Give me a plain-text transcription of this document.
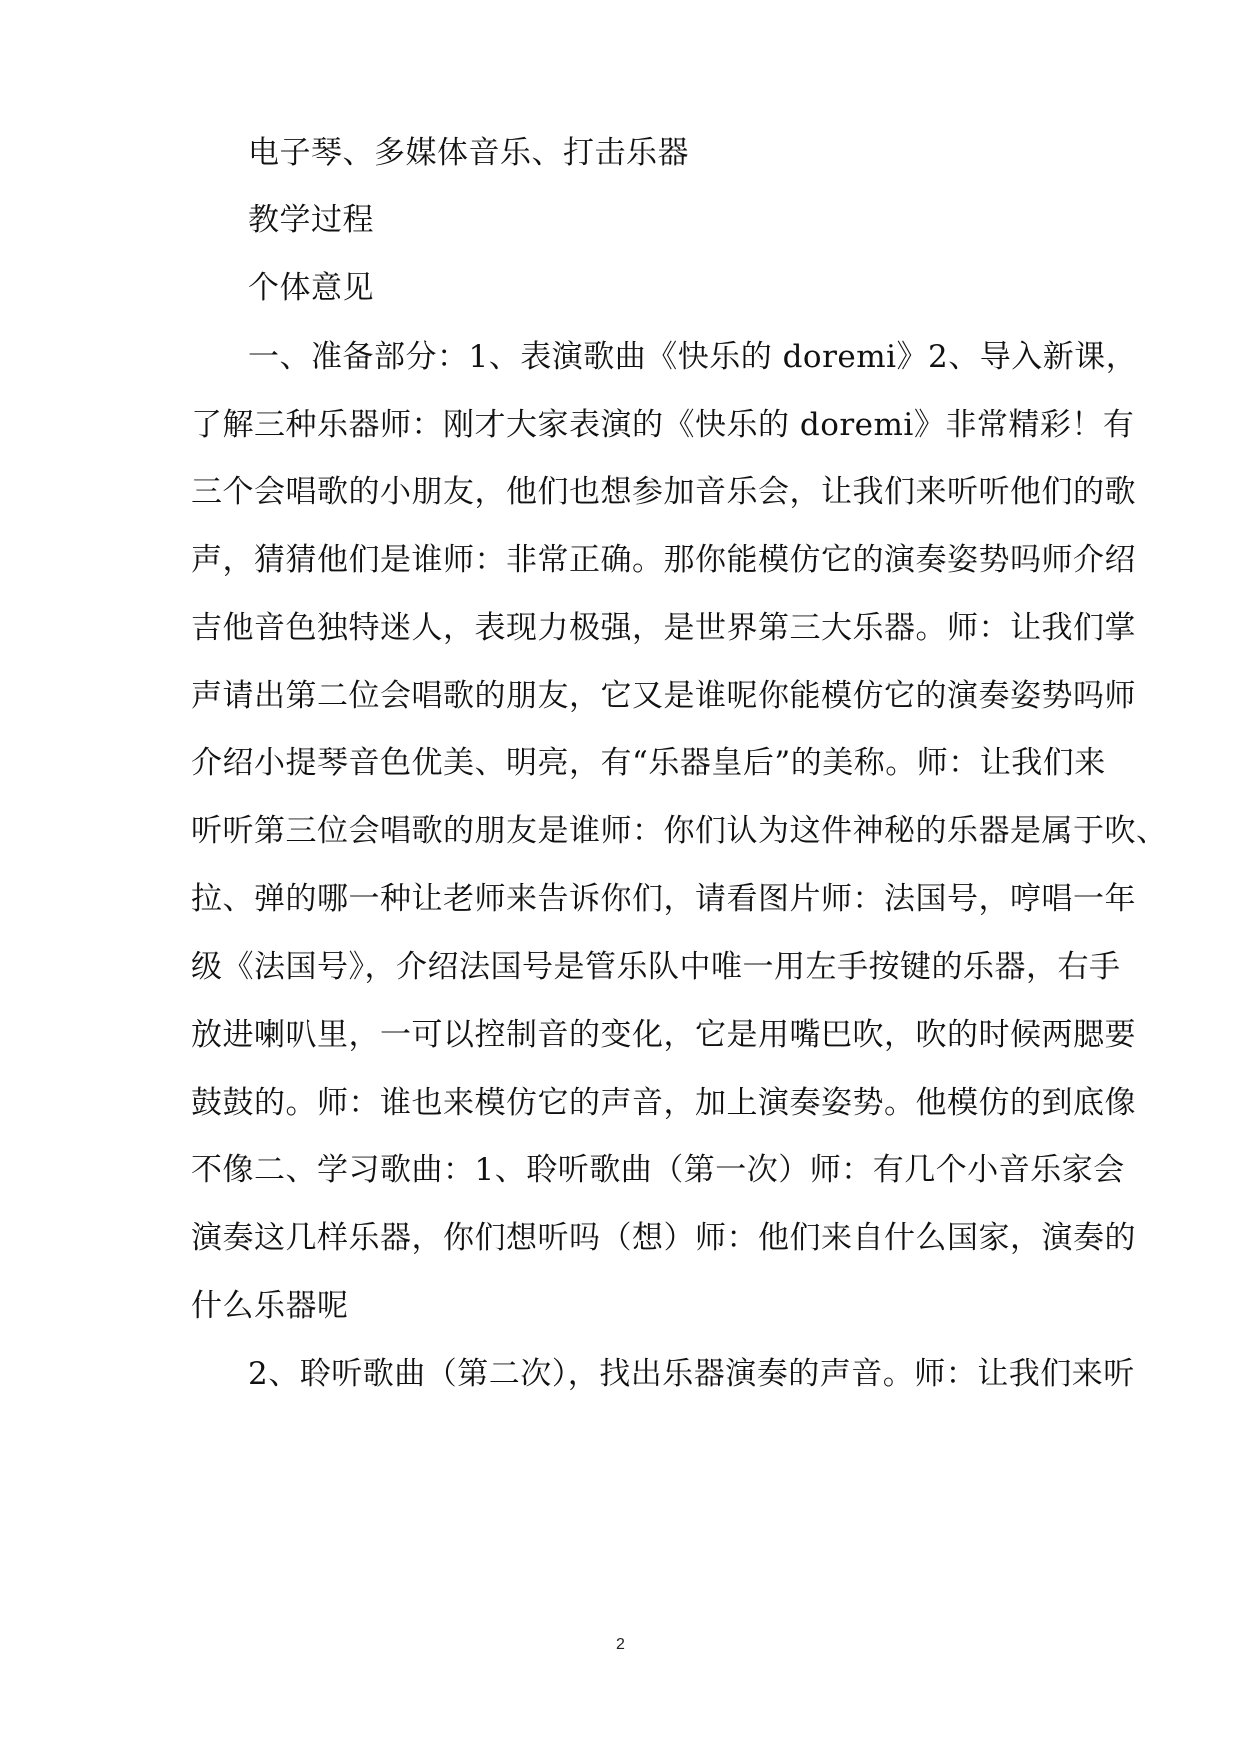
电子琴、多媒体音乐、打击乐器
教学过程
个体意见
一、准备部分：1、表演歌曲《快乐的 doremi》2、导入新课，
了解三种乐器师：刚才大家表演的《快乐的 doremi》非常精彩！有
三个会唱歌的小朋友，他们也想参加音乐会，让我们来听听他们的歌
声，猜猜他们是谁师：非常正确。那你能模仿它的演奏姿势吗师介绍
吉他音色独特迷人，表现力极强，是世界第三大乐器。师：让我们掌
声请出第二位会唱歌的朋友，它又是谁呢你能模仿它的演奏姿势吗师
介绍小提琴音色优美、明亮，有“乐器皇后”的美称。师：让我们来
听听第三位会唱歌的朋友是谁师：你们认为这件神秘的乐器是属于吹、
拉、弹的哪一种让老师来告诉你们，请看图片师：法国号，哼唱一年
级《法国号》，介绍法国号是管乐队中唯一用左手按键的乐器，右手
放进喇叭里，一可以控制音的变化，它是用嘴巴吹，吹的时候两腮要
鼓鼓的。师：谁也来模仿它的声音，加上演奏姿势。他模仿的到底像
不像二、学习歌曲：1、聆听歌曲（第一次）师：有几个小音乐家会
演奏这几样乐器，你们想听吗（想）师：他们来自什么国家，演奏的
什么乐器呢
2、聆听歌曲（第二次），找出乐器演奏的声音。师：让我们来听
2
